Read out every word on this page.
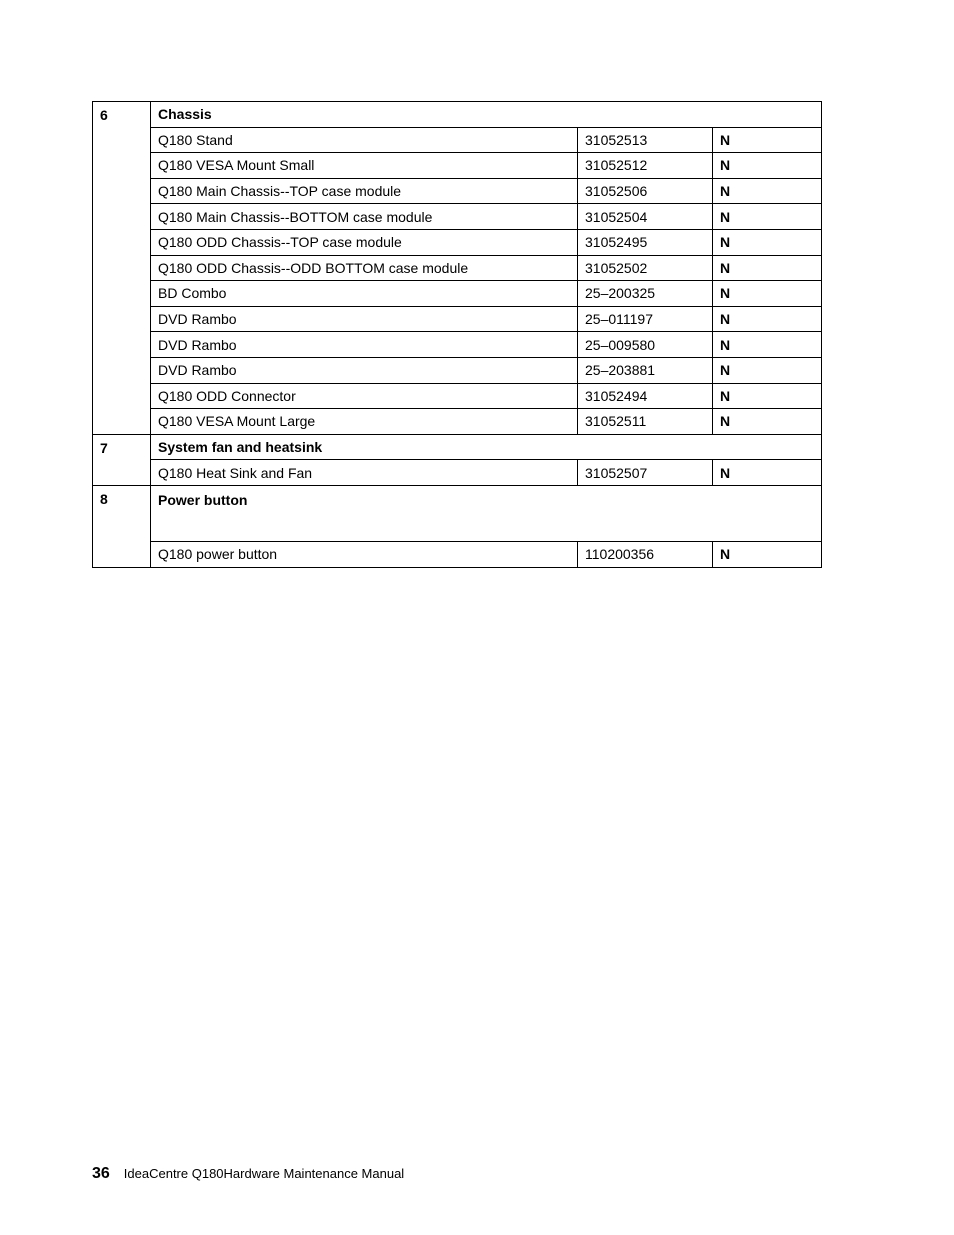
6	Chassis		
	Q180 Stand	31052513	N
	Q180 VESA Mount Small	31052512	N
	Q180 Main Chassis--TOP case module	31052506	N
	Q180 Main Chassis--BOTTOM case module	31052504	N
	Q180 ODD Chassis--TOP case module	31052495	N
	Q180 ODD Chassis--ODD BOTTOM case module	31052502	N
	BD Combo	25–200325	N
	DVD Rambo	25–011197	N
	DVD Rambo	25–009580	N
	DVD Rambo	25–203881	N
	Q180 ODD Connector	31052494	N
	Q180 VESA Mount Large	31052511	N
7	System fan and heatsink		
	Q180 Heat Sink and Fan	31052507	N
8	Power button		
	Q180 power button	110200356	N
36 IdeaCentre Q180Hardware Maintenance Manual
